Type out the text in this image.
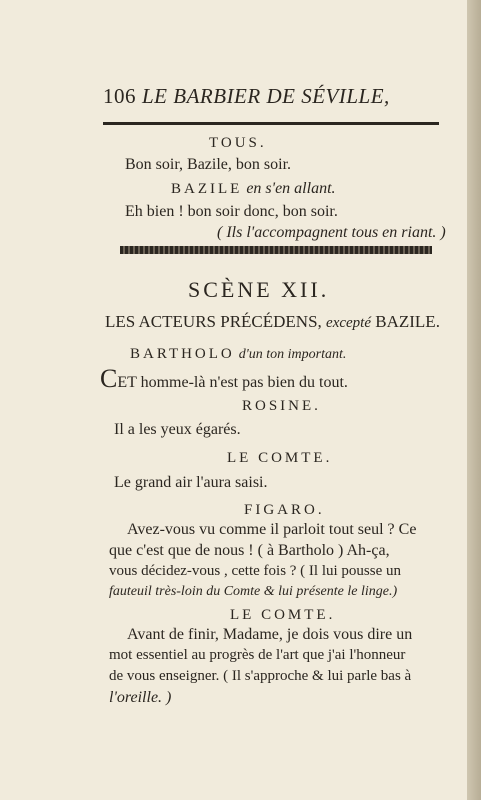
106 LE BARBIER DE SÉVILLE,
TOUS.
Bon soir, Bazile, bon soir.
BAZILE en s'en allant.
Eh bien ! bon soir donc, bon soir.
( Ils l'accompagnent tous en riant. )
SCÈNE XII.
LES ACTEURS PRÉCÉDENS, excepté BAZILE.
BARTHOLO d'un ton important.
CET homme-là n'est pas bien du tout.
ROSINE.
Il a les yeux égarés.
LE COMTE.
Le grand air l'aura saisi.
FIGARO.
Avez-vous vu comme il parloit tout seul ? Ce
que c'est que de nous ! ( à Bartholo ) Ah-ça,
vous décidez-vous , cette fois ? ( Il lui pousse un
fauteuil très-loin du Comte & lui présente le linge.)
LE COMTE.
Avant de finir, Madame, je dois vous dire un
mot essentiel au progrès de l'art que j'ai l'honneur
de vous enseigner. ( Il s'approche & lui parle bas à
l'oreille. )
